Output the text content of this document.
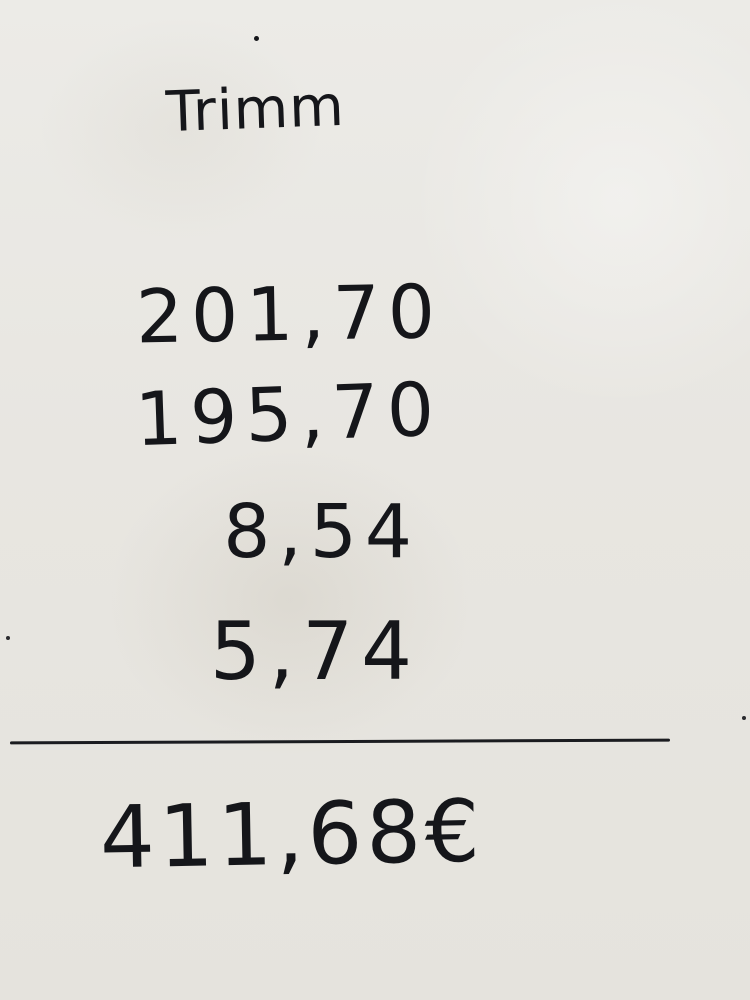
Trimm
201,70
195,70
8,54
5,74
411,68€
